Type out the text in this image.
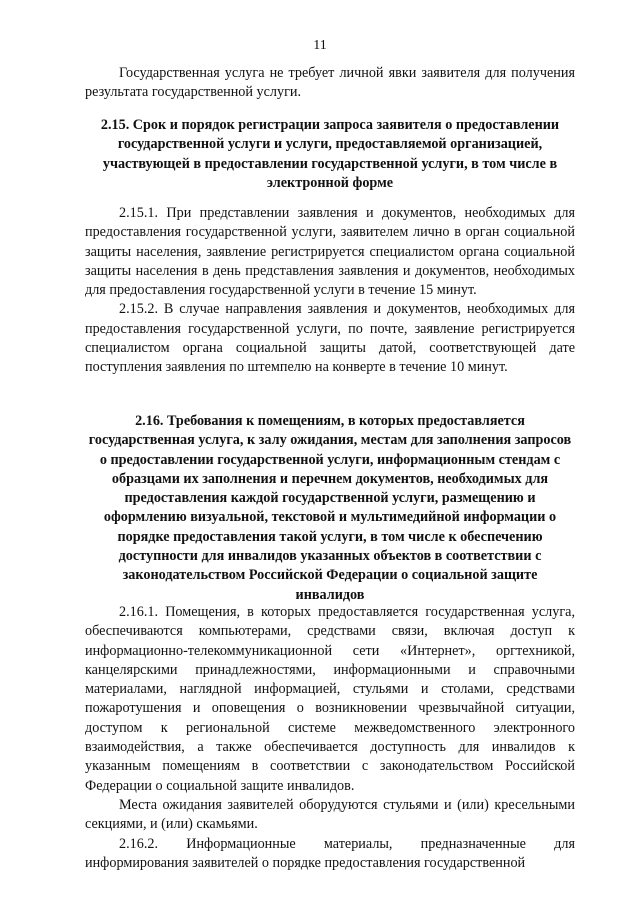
11

Государственная услуга не требует личной явки заявителя для получения результата государственной услуги.

2.15. Срок и порядок регистрации запроса заявителя о предоставлении государственной услуги и услуги, предоставляемой организацией, участвующей в предоставлении государственной услуги, в том числе в электронной форме

2.15.1. При представлении заявления и документов, необходимых для предоставления государственной услуги, заявителем лично в орган социальной защиты населения, заявление регистрируется специалистом органа социальной защиты населения в день представления заявления и документов, необходимых для предоставления государственной услуги в течение 15 минут.

2.15.2. В случае направления заявления и документов, необходимых для предоставления государственной услуги, по почте, заявление регистрируется специалистом органа социальной защиты датой, соответствующей дате поступления заявления по штемпелю на конверте в течение 10 минут.

2.16. Требования к помещениям, в которых предоставляется государственная услуга, к залу ожидания, местам для заполнения запросов о предоставлении государственной услуги, информационным стендам с образцами их заполнения и перечнем документов, необходимых для предоставления каждой государственной услуги, размещению и оформлению визуальной, текстовой и мультимедийной информации о порядке предоставления такой услуги, в том числе к обеспечению доступности для инвалидов указанных объектов в соответствии с законодательством Российской Федерации о социальной защите инвалидов

2.16.1. Помещения, в которых предоставляется государственная услуга, обеспечиваются компьютерами, средствами связи, включая доступ к информационно-телекоммуникационной сети «Интернет», оргтехникой, канцелярскими принадлежностями, информационными и справочными материалами, наглядной информацией, стульями и столами, средствами пожаротушения и оповещения о возникновении чрезвычайной ситуации, доступом к региональной системе межведомственного электронного взаимодействия, а также обеспечивается доступность для инвалидов к указанным помещениям в соответствии с законодательством Российской Федерации о социальной защите инвалидов.

Места ожидания заявителей оборудуются стульями и (или) кресельными секциями, и (или) скамьями.

2.16.2. Информационные материалы, предназначенные для информирования заявителей о порядке предоставления государственной
